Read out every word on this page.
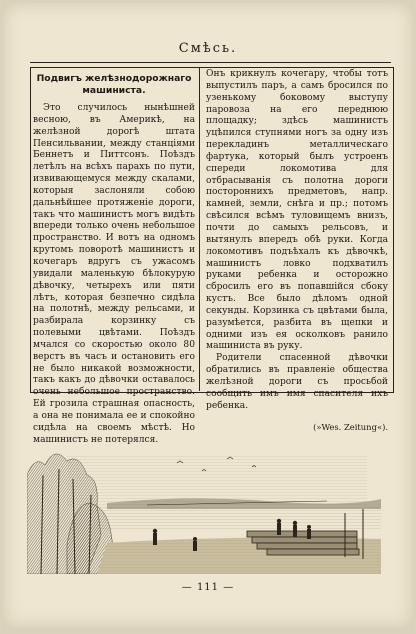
Смѣсь.
Подвигъ желѣзнодорожнаго машиниста.

Это случилось нынѣшней весною, въ Америкѣ, на желѣзной дорогѣ штата Пенсильвании, между станціями Беннетъ и Питтсонъ. Поѣздъ летѣлъ на всѣхъ парахъ по пути, извивающемуся между скалами, которыя заслоняли собою дальнѣйшее протяженіе дороги, такъ что машинистъ могъ видѣть впереди только очень небольшое пространство. И вотъ на одномъ крутомъ поворотѣ машинистъ и кочегаръ вдругъ съ ужасомъ увидали маленькую бѣлокурую дѣвочку, четырехъ или пяти лѣтъ, которая безпечно сидѣла на полотнѣ, между рельсами, и разбирала корзинку съ полевыми цвѣтами. Поѣздъ мчался со скоростью около 80 верстъ въ часъ и остановить его не было никакой возможности, такъ какъ до дѣвочки оставалось очень небольшое пространство. Ей грозила страшная опасность, а она не понимала ее и спокойно сидѣла на своемъ мѣстѣ. Но машинистъ не потерялся.

Онъ крикнулъ кочегару, чтобы тотъ выпустилъ паръ, а самъ бросился по узенькому боковому выступу паровоза на его переднюю площадку; здѣсь машинистъ уцѣпился ступнями ногъ за одну изъ перекладинъ металлическаго фартука, который былъ устроенъ спереди локомотива для отбрасыванія съ полотна дороги постороннихъ предметовъ, напр. камней, земли, снѣга и пр.; потомъ свѣсился всѣмъ туловищемъ внизъ, почти до самыхъ рельсовъ, и вытянулъ впередъ обѣ руки. Когда локомотивъ подъѣхалъ къ дѣвочкѣ, машинистъ ловко подхватилъ руками ребенка и осторожно сбросилъ его въ попавшійся сбоку кустъ. Все было дѣломъ одной секунды. Корзинка съ цвѣтами была, разумѣется, разбита въ щепки и одними изъ ея осколковъ ранило машиниста въ руку.

Родители спасенной дѣвочки обратились въ правленіе общества желѣзной дороги съ просьбой сообщить имъ имя спасителя ихъ ребенка.

(»Wes. Zeitung«).
— 111 —
